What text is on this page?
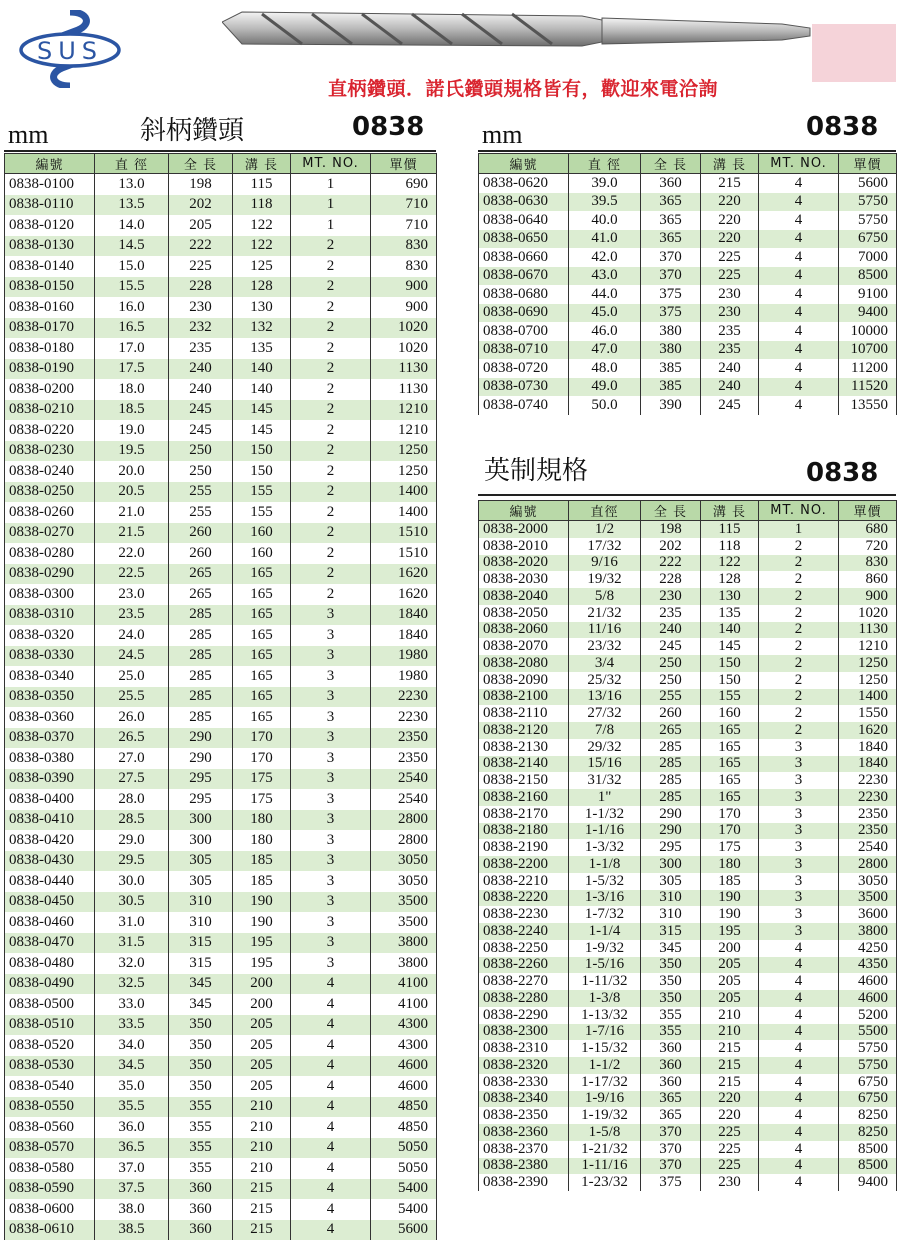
SUS
直柄鑽頭．諾氏鑽頭規格皆有，歡迎來電洽詢
mm	斜柄鑽頭	0838 mm	0838
編號	直 徑	全 長	溝 長	MT. NO.	單價
0838-0100	13.0	198	115	1	690
0838-0110	13.5	202	118	1	710
0838-0120	14.0	205	122	1	710
0838-0130	14.5	222	122	2	830
0838-0140	15.0	225	125	2	830
0838-0150	15.5	228	128	2	900
0838-0160	16.0	230	130	2	900
0838-0170	16.5	232	132	2	1020
0838-0180	17.0	235	135	2	1020
0838-0190	17.5	240	140	2	1130
0838-0200	18.0	240	140	2	1130
0838-0210	18.5	245	145	2	1210
0838-0220	19.0	245	145	2	1210
0838-0230	19.5	250	150	2	1250
0838-0240	20.0	250	150	2	1250
0838-0250	20.5	255	155	2	1400
0838-0260	21.0	255	155	2	1400
0838-0270	21.5	260	160	2	1510
0838-0280	22.0	260	160	2	1510
0838-0290	22.5	265	165	2	1620
0838-0300	23.0	265	165	2	1620
0838-0310	23.5	285	165	3	1840
0838-0320	24.0	285	165	3	1840
0838-0330	24.5	285	165	3	1980
0838-0340	25.0	285	165	3	1980
0838-0350	25.5	285	165	3	2230
0838-0360	26.0	285	165	3	2230
0838-0370	26.5	290	170	3	2350
0838-0380	27.0	290	170	3	2350
0838-0390	27.5	295	175	3	2540
0838-0400	28.0	295	175	3	2540
0838-0410	28.5	300	180	3	2800
0838-0420	29.0	300	180	3	2800
0838-0430	29.5	305	185	3	3050
0838-0440	30.0	305	185	3	3050
0838-0450	30.5	310	190	3	3500
0838-0460	31.0	310	190	3	3500
0838-0470	31.5	315	195	3	3800
0838-0480	32.0	315	195	3	3800
0838-0490	32.5	345	200	4	4100
0838-0500	33.0	345	200	4	4100
0838-0510	33.5	350	205	4	4300
0838-0520	34.0	350	205	4	4300
0838-0530	34.5	350	205	4	4600
0838-0540	35.0	350	205	4	4600
0838-0550	35.5	355	210	4	4850
0838-0560	36.0	355	210	4	4850
0838-0570	36.5	355	210	4	5050
0838-0580	37.0	355	210	4	5050
0838-0590	37.5	360	215	4	5400
0838-0600	38.0	360	215	4	5400
0838-0610	38.5	360	215	4	5600
編號	直 徑	全 長	溝 長	MT. NO.	單價
0838-0620	39.0	360	215	4	5600
0838-0630	39.5	365	220	4	5750
0838-0640	40.0	365	220	4	5750
0838-0650	41.0	365	220	4	6750
0838-0660	42.0	370	225	4	7000
0838-0670	43.0	370	225	4	8500
0838-0680	44.0	375	230	4	9100
0838-0690	45.0	375	230	4	9400
0838-0700	46.0	380	235	4	10000
0838-0710	47.0	380	235	4	10700
0838-0720	48.0	385	240	4	11200
0838-0730	49.0	385	240	4	11520
0838-0740	50.0	390	245	4	13550
英制規格	0838
編號	直徑	全 長	溝 長	MT. NO.	單價
0838-2000	1/2	198	115	1	680
0838-2010	17/32	202	118	2	720
0838-2020	9/16	222	122	2	830
0838-2030	19/32	228	128	2	860
0838-2040	5/8	230	130	2	900
0838-2050	21/32	235	135	2	1020
0838-2060	11/16	240	140	2	1130
0838-2070	23/32	245	145	2	1210
0838-2080	3/4	250	150	2	1250
0838-2090	25/32	250	150	2	1250
0838-2100	13/16	255	155	2	1400
0838-2110	27/32	260	160	2	1550
0838-2120	7/8	265	165	2	1620
0838-2130	29/32	285	165	3	1840
0838-2140	15/16	285	165	3	1840
0838-2150	31/32	285	165	3	2230
0838-2160	1"	285	165	3	2230
0838-2170	1-1/32	290	170	3	2350
0838-2180	1-1/16	290	170	3	2350
0838-2190	1-3/32	295	175	3	2540
0838-2200	1-1/8	300	180	3	2800
0838-2210	1-5/32	305	185	3	3050
0838-2220	1-3/16	310	190	3	3500
0838-2230	1-7/32	310	190	3	3600
0838-2240	1-1/4	315	195	3	3800
0838-2250	1-9/32	345	200	4	4250
0838-2260	1-5/16	350	205	4	4350
0838-2270	1-11/32	350	205	4	4600
0838-2280	1-3/8	350	205	4	4600
0838-2290	1-13/32	355	210	4	5200
0838-2300	1-7/16	355	210	4	5500
0838-2310	1-15/32	360	215	4	5750
0838-2320	1-1/2	360	215	4	5750
0838-2330	1-17/32	360	215	4	6750
0838-2340	1-9/16	365	220	4	6750
0838-2350	1-19/32	365	220	4	8250
0838-2360	1-5/8	370	225	4	8250
0838-2370	1-21/32	370	225	4	8500
0838-2380	1-11/16	370	225	4	8500
0838-2390	1-23/32	375	230	4	9400
